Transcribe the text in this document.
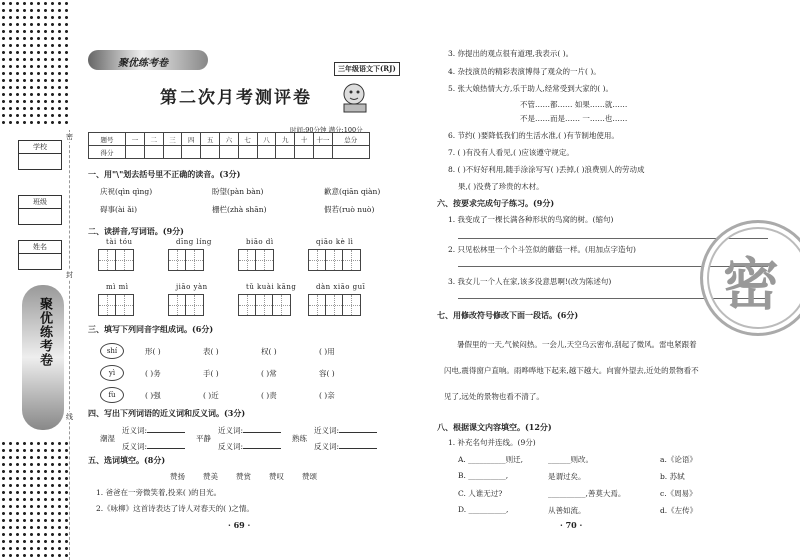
学校
班级
姓名
聚优练考卷
密
封
线
聚优练考卷	三年级语文下(RJ)
第二次月考测评卷
时间:90分钟 满分:100分
题号	一	二	三	四	五	六	七	八	九	十	十一	总分
得分												
一、用"\"划去括号里不正确的读音。(3分)
庆祝(qìn qìng)	盼望(pàn bàn)	歉意(qiān qiàn)
碍事(ài ǎi)	栅栏(zhà shān)	假若(ruò nuò)
二、读拼音,写词语。(9分)
tài tóu	dīng líng	biāo dì	qiāo kè lì
mì mì	jiāo yàn	tǔ kuài kāng	dàn xiāo guī
三、填写下列同音字组成词。(6分)
shí	形( )	表( )	权( )	( )用
yì	( )务	手( )	( )常	容( )
fù	( )强	( )近	( )责	( )亲
四、写出下列词语的近义词和反义词。(3分)
潮湿
近义词:
反义词:
平静
近义词:
反义词:
熟练
近义词:
反义词:
五、选词填空。(8分)
赞扬 赞美 赞赏 赞叹 赞颂
1. 爸爸在一旁微笑着,投来( )的目光。
2.《咏柳》这首诗表达了诗人对春天的( )之情。
· 69 ·
3. 你提出的观点很有道理,我表示( )。
4. 杂技演员的精彩表演博得了观众的一片( )。
5. 张大娘热情大方,乐于助人,经常受到大家的( )。
不管……都…… 如果……就……
不是……而是…… 一……也……
6. 节约( )要降低我们的生活水准,( )有节制地使用。
7. ( )有没有人看见,( )应该遵守规定。
8. ( )不好好利用,随手涂涂写写( )丢掉,( )浪费别人的劳动成
果,( )没费了珍贵的木材。
六、按要求完成句子练习。(9分)
1. 我变成了一棵长满各种形状的鸟窝的树。(缩句)
2. 只见松林里一个个斗笠似的蘑菇一样。(用加点字造句)
3. 我女儿一个人在家,该多没意思啊!(改为陈述句)
七、用修改符号修改下面一段话。(6分)
暑假里的一天,气候闷热。一会儿,天空乌云密布,刮起了微风。雷电紧跟着
闪电,震得窗户直响。雨哗哗地下起来,越下越大。向窗外望去,近处的景物看不
见了,远处的景物也看不清了。
八、根据课文内容填空。(12分)
1. 补充名句并连线。(9分)
A. __________则迁,	______则改。	a.《论语》
B. __________,	是谓过矣。	b. 苏轼
C. 人谁无过?	__________,善莫大焉。	c.《周易》
D. __________,	从善如流。	d.《左传》
· 70 ·
密
